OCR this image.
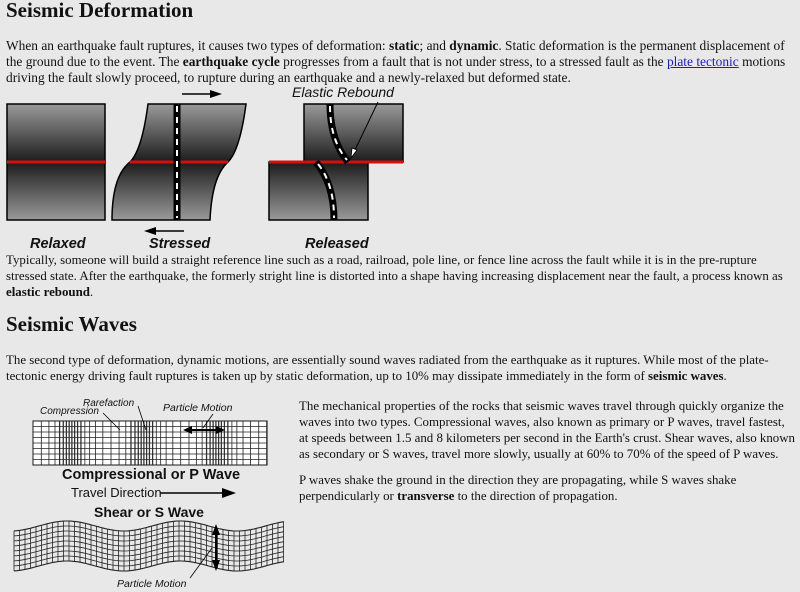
Seismic Deformation

When an earthquake fault ruptures, it causes two types of deformation: static; and dynamic. Static deformation is the permanent displacement of the ground due to the event. The earthquake cycle progresses from a fault that is not under stress, to a stressed fault as the plate tectonic motions driving the fault slowly proceed, to rupture during an earthquake and a newly-relaxed but deformed state.

Elastic Rebound
Relaxed	Stressed	Released

Typically, someone will build a straight reference line such as a road, railroad, pole line, or fence line across the fault while it is in the pre-rupture stressed state. After the earthquake, the formerly stright line is distorted into a shape having increasing displacement near the fault, a process known as elastic rebound.

Seismic Waves

The second type of deformation, dynamic motions, are essentially sound waves radiated from the earthquake as it ruptures. While most of the plate-tectonic energy driving fault ruptures is taken up by static deformation, up to 10% may dissipate immediately in the form of seismic waves.

Compression
Rarefaction	Particle Motion
Compressional or P Wave
Travel Direction
Shear or S Wave
Particle Motion

The mechanical properties of the rocks that seismic waves travel through quickly organize the waves into two types. Compressional waves, also known as primary or P waves, travel fastest, at speeds between 1.5 and 8 kilometers per second in the Earth's crust. Shear waves, also known as secondary or S waves, travel more slowly, usually at 60% to 70% of the speed of P waves.

P waves shake the ground in the direction they are propagating, while S waves shake perpendicularly or transverse to the direction of propagation.
